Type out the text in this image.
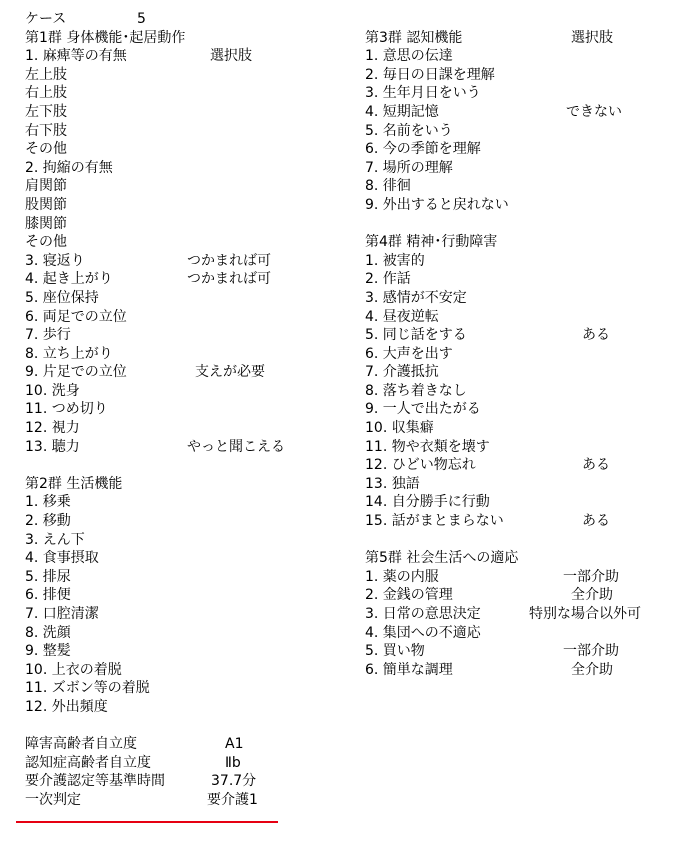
ケース	5
第1群 身体機能･起居動作
1. 麻痺等の有無	選択肢
左上肢
右上肢
左下肢
右下肢
その他
2. 拘縮の有無
肩関節
股関節
膝関節
その他
3. 寝返り	つかまれば可
4. 起き上がり	つかまれば可
5. 座位保持
6. 両足での立位
7. 歩行
8. 立ち上がり
9. 片足での立位	支えが必要
10. 洗身
11. つめ切り
12. 視力
13. 聴力	やっと聞こえる
第2群 生活機能
1. 移乗
2. 移動
3. えん下
4. 食事摂取
5. 排尿
6. 排便
7. 口腔清潔
8. 洗顔
9. 整髪
10. 上衣の着脱
11. ズボン等の着脱
12. 外出頻度
障害高齢者自立度	A1
認知症高齢者自立度	Ⅱb
要介護認定等基準時間	37.7分
一次判定	要介護1
第3群 認知機能	選択肢
1. 意思の伝達
2. 毎日の日課を理解
3. 生年月日をいう
4. 短期記憶	できない
5. 名前をいう
6. 今の季節を理解
7. 場所の理解
8. 徘徊
9. 外出すると戻れない
第4群 精神･行動障害
1. 被害的
2. 作話
3. 感情が不安定
4. 昼夜逆転
5. 同じ話をする	ある
6. 大声を出す
7. 介護抵抗
8. 落ち着きなし
9. 一人で出たがる
10. 収集癖
11. 物や衣類を壊す
12. ひどい物忘れ	ある
13. 独語
14. 自分勝手に行動
15. 話がまとまらない	ある
第5群 社会生活への適応
1. 薬の内服	一部介助
2. 金銭の管理	全介助
3. 日常の意思決定	特別な場合以外可
4. 集団への不適応
5. 買い物	一部介助
6. 簡単な調理	全介助
